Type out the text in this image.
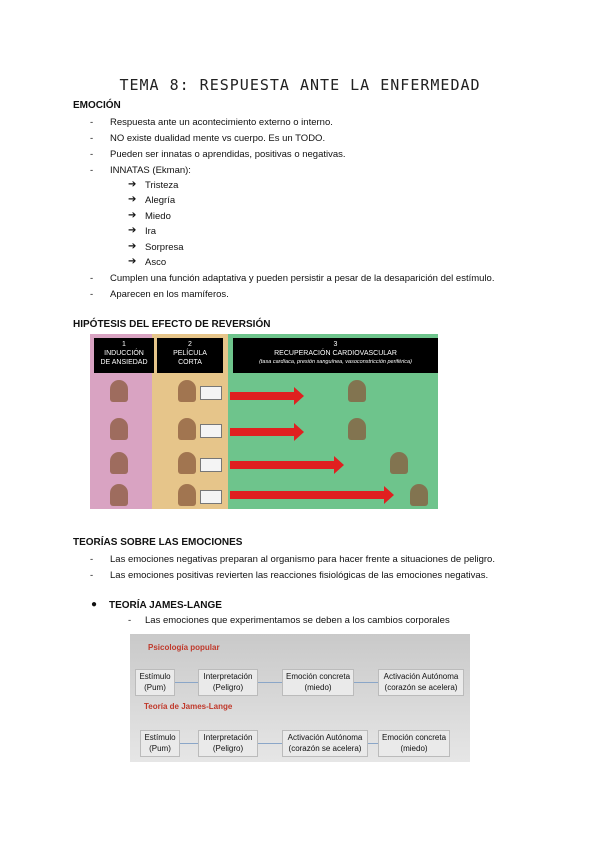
TEMA 8: RESPUESTA ANTE LA ENFERMEDAD
EMOCIÓN
- Respuesta ante un acontecimiento externo o interno.
- NO existe dualidad mente vs cuerpo. Es un TODO.
- Pueden ser innatas o aprendidas, positivas o negativas.
- INNATAS (Ekman):
➔ Tristeza
➔ Alegría
➔ Miedo
➔ Ira
➔ Sorpresa
➔ Asco
- Cumplen una función adaptativa y pueden persistir a pesar de la desaparición del estímulo.
- Aparecen en los mamíferos.
HIPÓTESIS DEL EFECTO DE REVERSIÓN
1
INDUCCIÓN
DE ANSIEDAD
2
PELÍCULA
CORTA
3
RECUPERACIÓN CARDIOVASCULAR
(tasa cardíaca, presión sanguínea, vasoconstricción periférica)
TEORÍAS SOBRE LAS EMOCIONES
- Las emociones negativas preparan al organismo para hacer frente a situaciones de peligro.
- Las emociones positivas revierten las reacciones fisiológicas de las emociones negativas.
● TEORÍA JAMES-LANGE
- Las emociones que experimentamos se deben a los cambios corporales
Psicología popular
Estímulo
(Pum)
Interpretación
(Peligro)
Emoción concreta
(miedo)
Activación Autónoma
(corazón se acelera)
Teoría de James-Lange
Estímulo
(Pum)
Interpretación
(Peligro)
Activación Autónoma
(corazón se acelera)
Emoción concreta
(miedo)
